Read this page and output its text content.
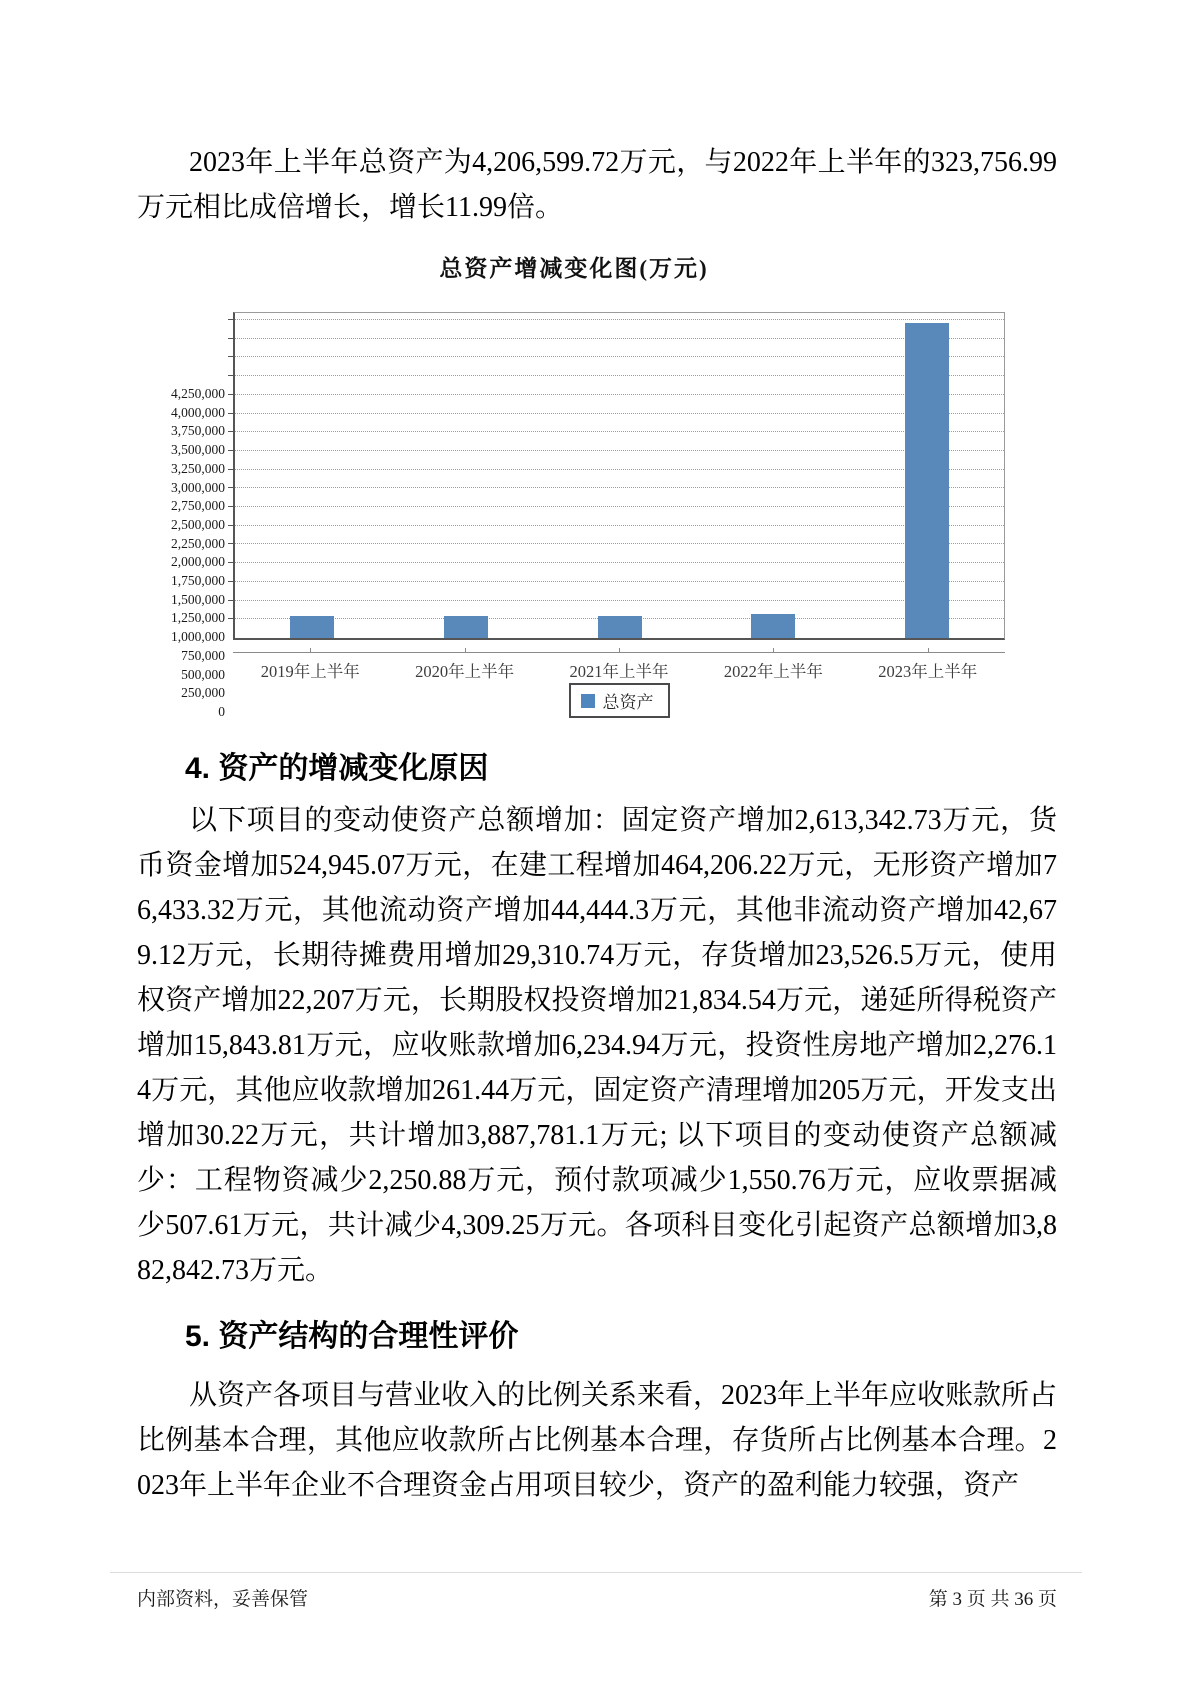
2023年上半年总资产为4,206,599.72万元，与2022年上半年的323,756.99万元相比成倍增长，增长11.99倍。

总资产增减变化图(万元)
0
250,000
500,000
750,000
1,000,000
1,250,000
1,500,000
1,750,000
2,000,000
2,250,000
2,500,000
2,750,000
3,000,000
3,250,000
3,500,000
3,750,000
4,000,000
4,250,000
2019年上半年	2020年上半年	2021年上半年	2022年上半年	2023年上半年
总资产
4. 资产的增减变化原因

以下项目的变动使资产总额增加：固定资产增加2,613,342.73万元，货币资金增加524,945.07万元，在建工程增加464,206.22万元，无形资产增加76,433.32万元，其他流动资产增加44,444.3万元，其他非流动资产增加42,679.12万元，长期待摊费用增加29,310.74万元，存货增加23,526.5万元，使用权资产增加22,207万元，长期股权投资增加21,834.54万元，递延所得税资产增加15,843.81万元，应收账款增加6,234.94万元，投资性房地产增加2,276.14万元，其他应收款增加261.44万元，固定资产清理增加205万元，开发支出增加30.22万元，共计增加3,887,781.1万元; 以下项目的变动使资产总额减少：工程物资减少2,250.88万元，预付款项减少1,550.76万元，应收票据减少507.61万元，共计减少4,309.25万元。各项科目变化引起资产总额增加3,882,842.73万元。

5. 资产结构的合理性评价

从资产各项目与营业收入的比例关系来看，2023年上半年应收账款所占比例基本合理，其他应收款所占比例基本合理，存货所占比例基本合理。2023年上半年企业不合理资金占用项目较少，资产的盈利能力较强，资产

内部资料，妥善保管	第 3 页 共 36 页
